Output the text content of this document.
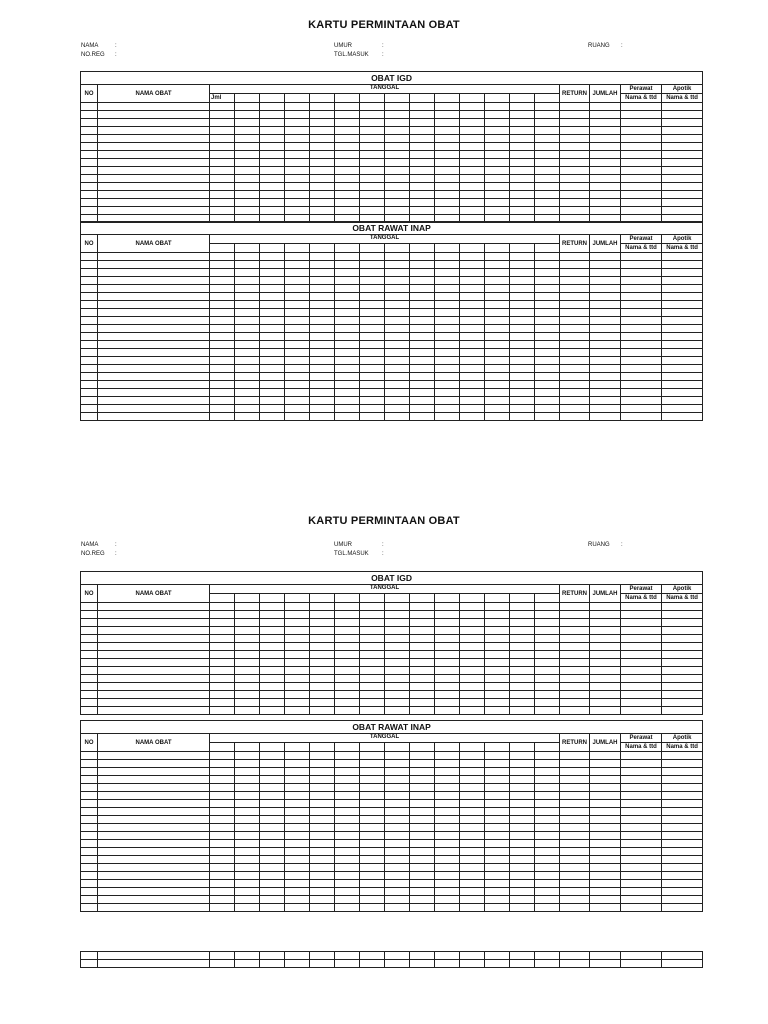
KARTU PERMINTAAN OBAT
NAMA	:
NO.REG :
UMUR	:
TGL.MASUK :
RUANG :
OBAT IGD																			
NO	NAMA OBAT	TANGGAL														RETURN	JUMLAH	Perawat	Apotik
		Jml																Nama & ttd	Nama & ttd

OBAT RAWAT INAP																			
NO	NAMA OBAT	TANGGAL														RETURN	JUMLAH	Perawat	Apotik
																		Nama & ttd	Nama & ttd

KARTU PERMINTAAN OBAT
NAMA	:
NO.REG :
UMUR	:
TGL.MASUK :
RUANG :
OBAT IGD																			
NO	NAMA OBAT	TANGGAL														RETURN	JUMLAH	Perawat	Apotik
																		Nama & ttd	Nama & ttd

OBAT RAWAT INAP																			
NO	NAMA OBAT	TANGGAL														RETURN	JUMLAH	Perawat	Apotik
																		Nama & ttd	Nama & ttd
